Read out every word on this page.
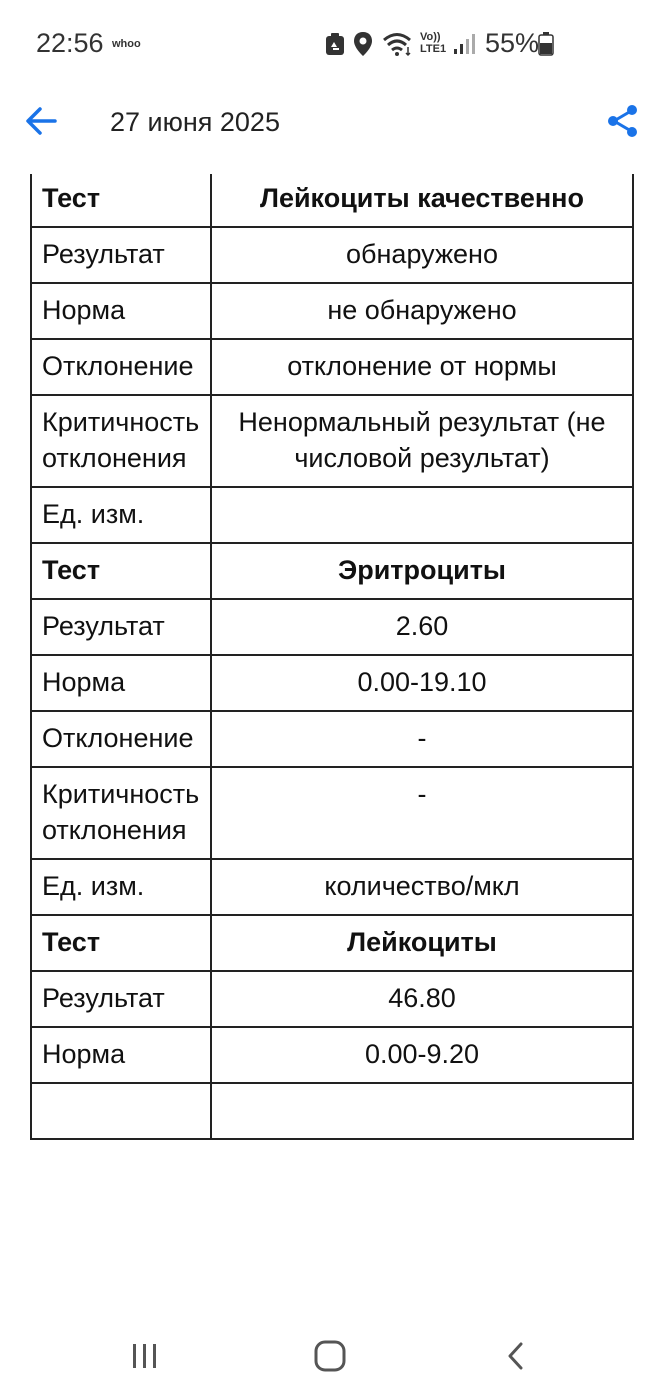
22:56 whoo
Vo))
LTE1 55%
27 июня 2025
Тест	Лейкоциты качественно
Результат	обнаружено
Норма	не обнаружено
Отклонение	отклонение от нормы
Критичность отклонения	Ненормальный результат (не числовой результат)
Ед. изм.	
Тест	Эритроциты
Результат	2.60
Норма	0.00-19.10
Отклонение	-
Критичность отклонения	-
Ед. изм.	количество/мкл
Тест	Лейкоциты
Результат	46.80
Норма	0.00-9.20
